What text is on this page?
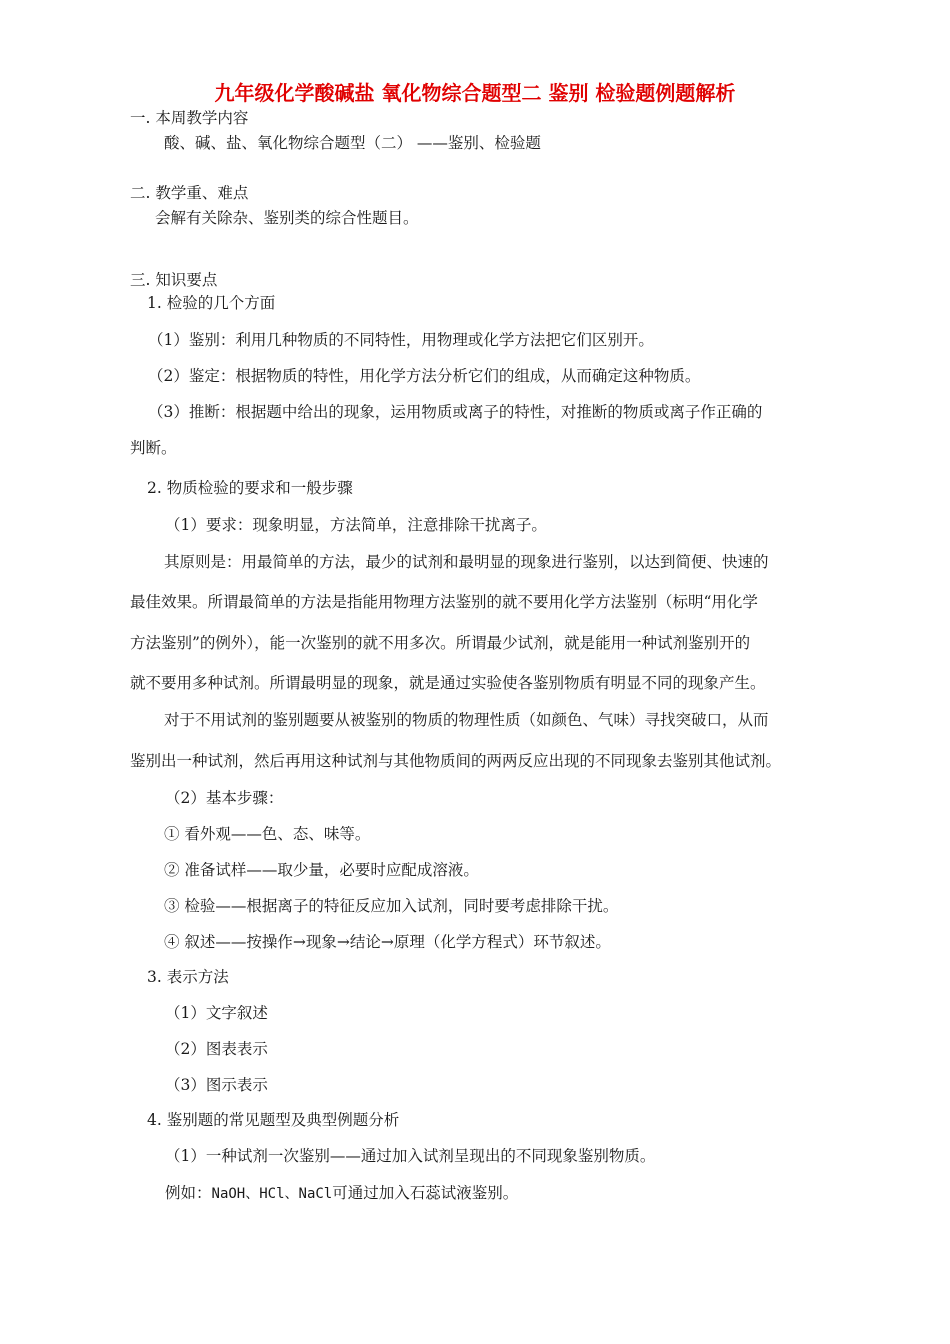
九年级化学酸碱盐 氧化物综合题型二 鉴别 检验题例题解析
一. 本周教学内容
酸、碱、盐、氧化物综合题型（二） ——鉴别、检验题
二. 教学重、难点
会解有关除杂、鉴别类的综合性题目。
三. 知识要点
1. 检验的几个方面
（1）鉴别：利用几种物质的不同特性，用物理或化学方法把它们区别开。
（2）鉴定：根据物质的特性，用化学方法分析它们的组成，从而确定这种物质。
（3）推断：根据题中给出的现象，运用物质或离子的特性，对推断的物质或离子作正确的
判断。
2. 物质检验的要求和一般步骤
（1）要求：现象明显，方法简单，注意排除干扰离子。
其原则是：用最简单的方法，最少的试剂和最明显的现象进行鉴别，以达到简便、快速的
最佳效果。所谓最简单的方法是指能用物理方法鉴别的就不要用化学方法鉴别（标明“用化学
方法鉴别”的例外），能一次鉴别的就不用多次。所谓最少试剂，就是能用一种试剂鉴别开的
就不要用多种试剂。所谓最明显的现象，就是通过实验使各鉴别物质有明显不同的现象产生。
对于不用试剂的鉴别题要从被鉴别的物质的物理性质（如颜色、气味）寻找突破口，从而
鉴别出一种试剂，然后再用这种试剂与其他物质间的两两反应出现的不同现象去鉴别其他试剂。
（2）基本步骤：
① 看外观——色、态、味等。
② 准备试样——取少量，必要时应配成溶液。
③ 检验——根据离子的特征反应加入试剂，同时要考虑排除干扰。
④ 叙述——按操作→现象→结论→原理（化学方程式）环节叙述。
3. 表示方法
（1）文字叙述
（2）图表表示
（3）图示表示
4. 鉴别题的常见题型及典型例题分析
（1）一种试剂一次鉴别——通过加入试剂呈现出的不同现象鉴别物质。
例如：NaOH、HCl、NaCl可通过加入石蕊试液鉴别。
